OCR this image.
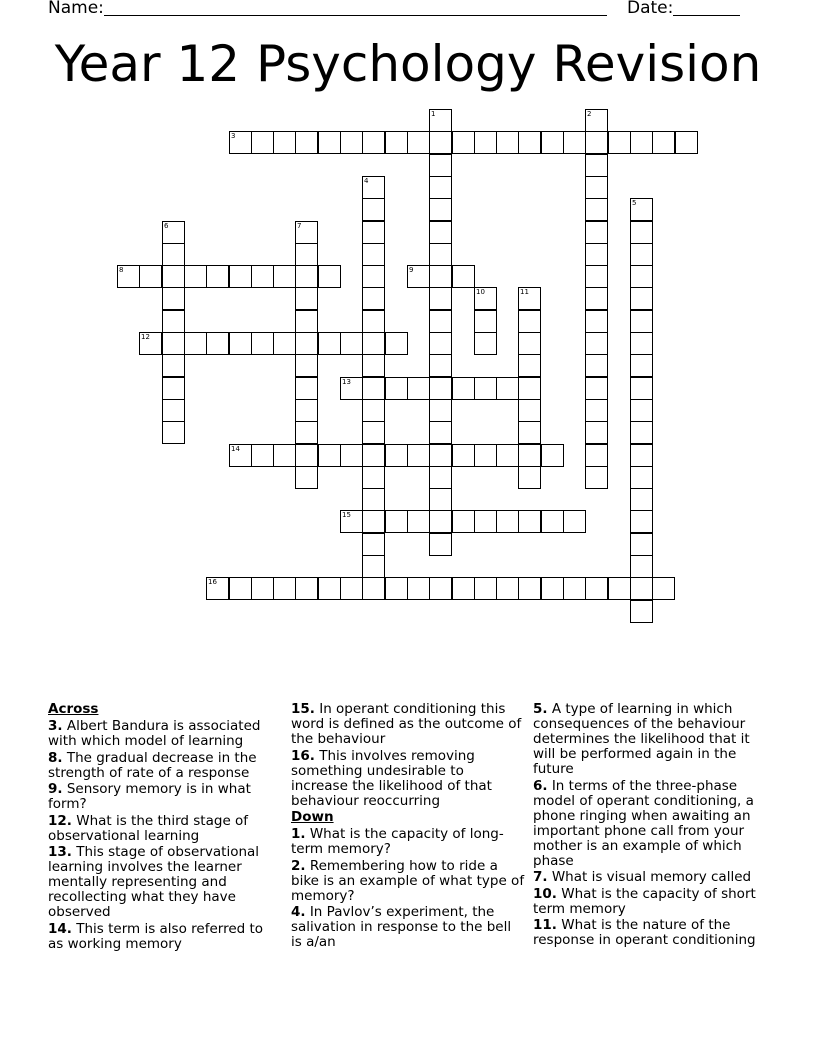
Name:	Date:
Year 12 Psychology Revision
3
8	9
12
13
14
15
16
1	2
4
5
6	7
10	11
Across
3. Albert Bandura is associated with which model of learning
8. The gradual decrease in the strength of rate of a response
9. Sensory memory is in what form?
12. What is the third stage of observational learning
13. This stage of observational learning involves the learner mentally representing and recollecting what they have observed
14. This term is also referred to as working memory
15. In operant conditioning this word is defined as the outcome of the behaviour
16. This involves removing something undesirable to increase the likelihood of that behaviour reoccurring
Down
1. What is the capacity of long-term memory?
2. Remembering how to ride a bike is an example of what type of memory?
4. In Pavlov’s experiment, the salivation in response to the bell is a/an
5. A type of learning in which consequences of the behaviour determines the likelihood that it will be performed again in the future
6. In terms of the three-phase model of operant conditioning, a phone ringing when awaiting an important phone call from your mother is an example of which phase
7. What is visual memory called
10. What is the capacity of short term memory
11. What is the nature of the response in operant conditioning
